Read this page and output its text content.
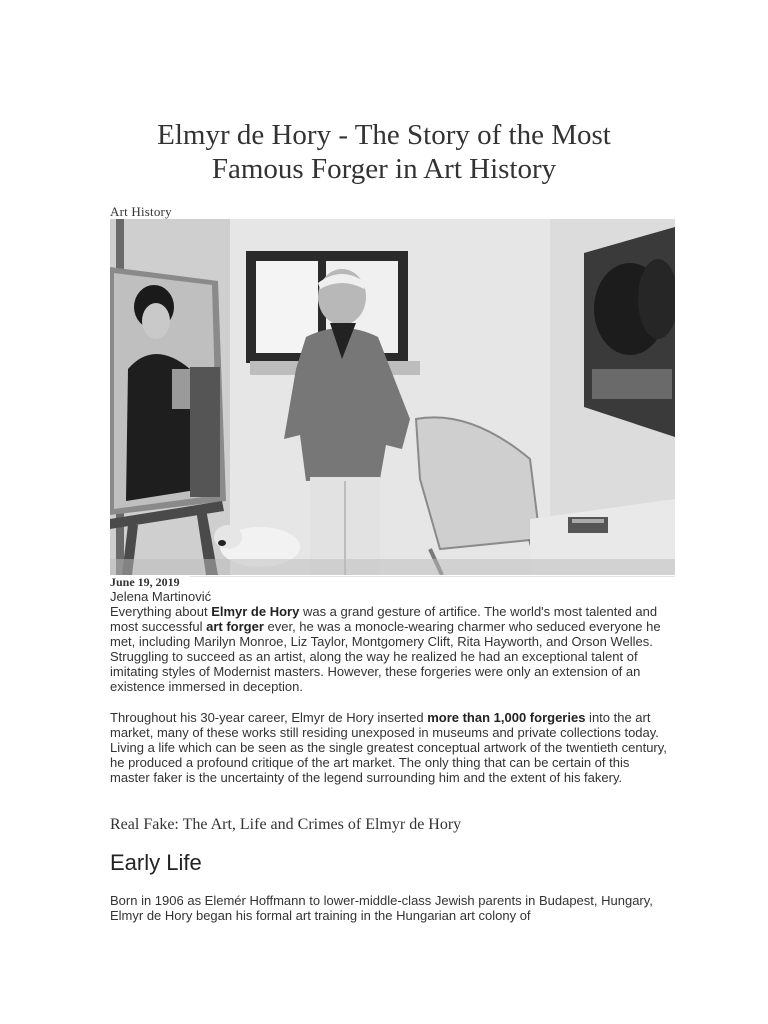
Elmyr de Hory - The Story of the Most Famous Forger in Art History
Art History
June 19, 2019
Jelena Martinović

Everything about Elmyr de Hory was a grand gesture of artifice. The world's most talented and most successful art forger ever, he was a monocle-wearing charmer who seduced everyone he met, including Marilyn Monroe, Liz Taylor, Montgomery Clift, Rita Hayworth, and Orson Welles. Struggling to succeed as an artist, along the way he realized he had an exceptional talent of imitating styles of Modernist masters. However, these forgeries were only an extension of an existence immersed in deception.

Throughout his 30-year career, Elmyr de Hory inserted more than 1,000 forgeries into the art market, many of these works still residing unexposed in museums and private collections today. Living a life which can be seen as the single greatest conceptual artwork of the twentieth century, he produced a profound critique of the art market. The only thing that can be certain of this master faker is the uncertainty of the legend surrounding him and the extent of his fakery.

Real Fake: The Art, Life and Crimes of Elmyr de Hory
Early Life

Born in 1906 as Elemér Hoffmann to lower-middle-class Jewish parents in Budapest, Hungary, Elmyr de Hory began his formal art training in the Hungarian art colony of
